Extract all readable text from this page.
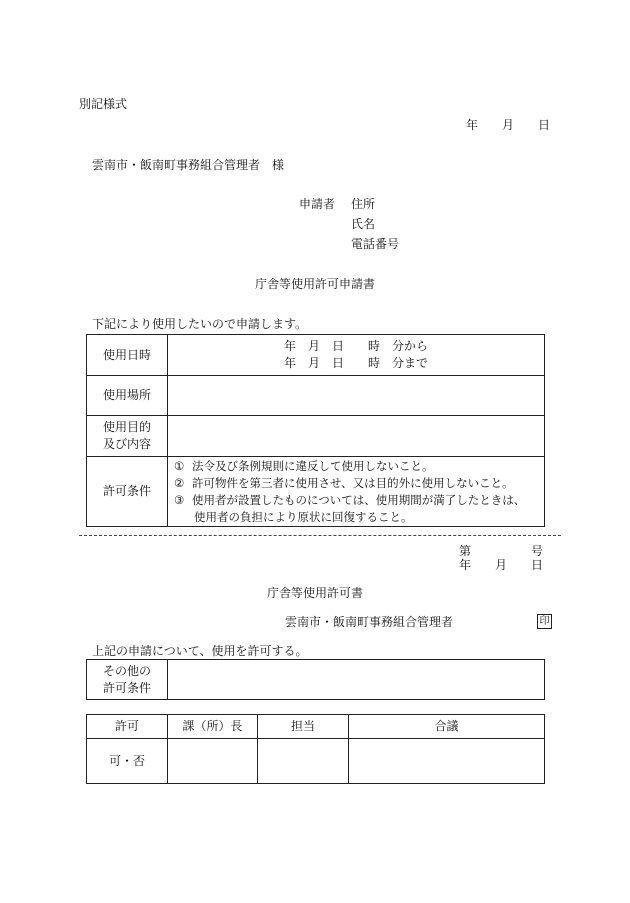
別記様式
年　　月　　日
雲南市・飯南町事務組合管理者　様
申請者 住所
氏名
電話番号
庁舎等使用許可申請書
下記により使用したいので申請します。
使用日時	年　月　日　　時　分から
年　月　日　　時　分まで

使用場所	

使用目的
及び内容	

許可条件	① 法令及び条例規則に違反して使用しないこと。
② 許可物件を第三者に使用させ、又は目的外に使用しないこと。
③ 使用者が設置したものについては、使用期間が満了したときは、
使用者の負担により原状に回復すること。
第　　　　　号
年　　月　　日
庁舎等使用許可書
雲南市・飯南町事務組合管理者	印
上記の申請について、使用を許可する。
その他の
許可条件

許可	課（所）長	担当	合議
可・否			
